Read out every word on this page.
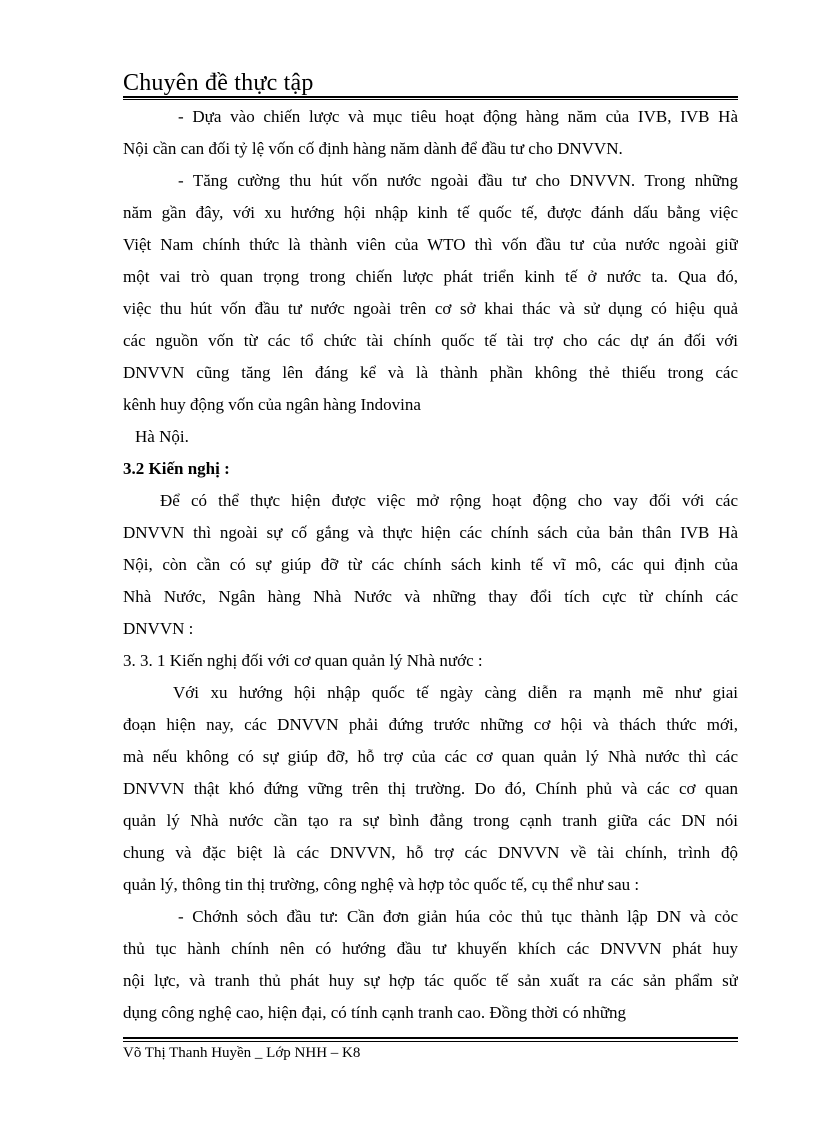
Chuyên đề thực tập
- Dựa vào chiến lược và mục tiêu hoạt động hàng năm của IVB, IVB Hà
Nội cần can đối tỷ lệ vốn cố định hàng năm dành để đầu tư cho DNVVN.
- Tăng cường thu hút vốn nước ngoài đầu tư cho DNVVN. Trong những
năm gần đây, với xu hướng hội nhập kinh tế quốc tế, được đánh dấu bằng việc
Việt Nam chính thức là thành viên của WTO thì vốn đầu tư của nước ngoài giữ
một vai trò quan trọng trong chiến lược phát triển kinh tế ở nước ta. Qua đó,
việc thu hút vốn đầu tư nước ngoài trên cơ sở khai thác và sử dụng có hiệu quả
các nguồn vốn từ các tổ chức tài chính quốc tế tài trợ cho các dự án đối với
DNVVN cũng tăng lên đáng kể và là thành phần không thẻ thiếu trong các
kênh huy động vốn của ngân hàng Indovina
Hà Nội.
3.2 Kiến nghị :
Để có thể thực hiện được việc mở rộng hoạt động cho vay đối với các
DNVVN thì ngoài sự cố gắng và thực hiện các chính sách của bản thân IVB Hà
Nội, còn cần có sự giúp đỡ từ các chính sách kinh tế vĩ mô, các qui định của
Nhà Nước, Ngân hàng Nhà Nước và những thay đổi tích cực từ chính các
DNVVN :
3. 3. 1 Kiến nghị đối với cơ quan quản lý Nhà nước :
Với xu hướng hội nhập quốc tế ngày càng diễn ra mạnh mẽ như giai
đoạn hiện nay, các DNVVN phải đứng trước những cơ hội và thách thức mới,
mà nếu không có sự giúp đỡ, hỗ trợ của các cơ quan quản lý Nhà nước thì các
DNVVN thật khó đứng vững trên thị trường. Do đó, Chính phủ và các cơ quan
quản lý Nhà nước cần tạo ra sự bình đẳng trong cạnh tranh giữa các DN nói
chung và đặc biệt là các DNVVN, hỗ trợ các DNVVN về tài chính, trình độ
quản lý, thông tin thị trường, công nghệ và hợp tỏc quốc tế, cụ thể như sau :
- Chớnh sỏch đầu tư: Cần đơn giản húa cỏc thủ tục thành lập DN và cỏc
thủ tục hành chính nên có hướng đầu tư khuyến khích các DNVVN phát huy
nội lực, và tranh thủ phát huy sự hợp tác quốc tế sản xuất ra các sản phẩm sử
dụng công nghệ cao, hiện đại, có tính cạnh tranh cao. Đồng thời có những
Võ Thị Thanh Huyền _ Lớp NHH – K8
